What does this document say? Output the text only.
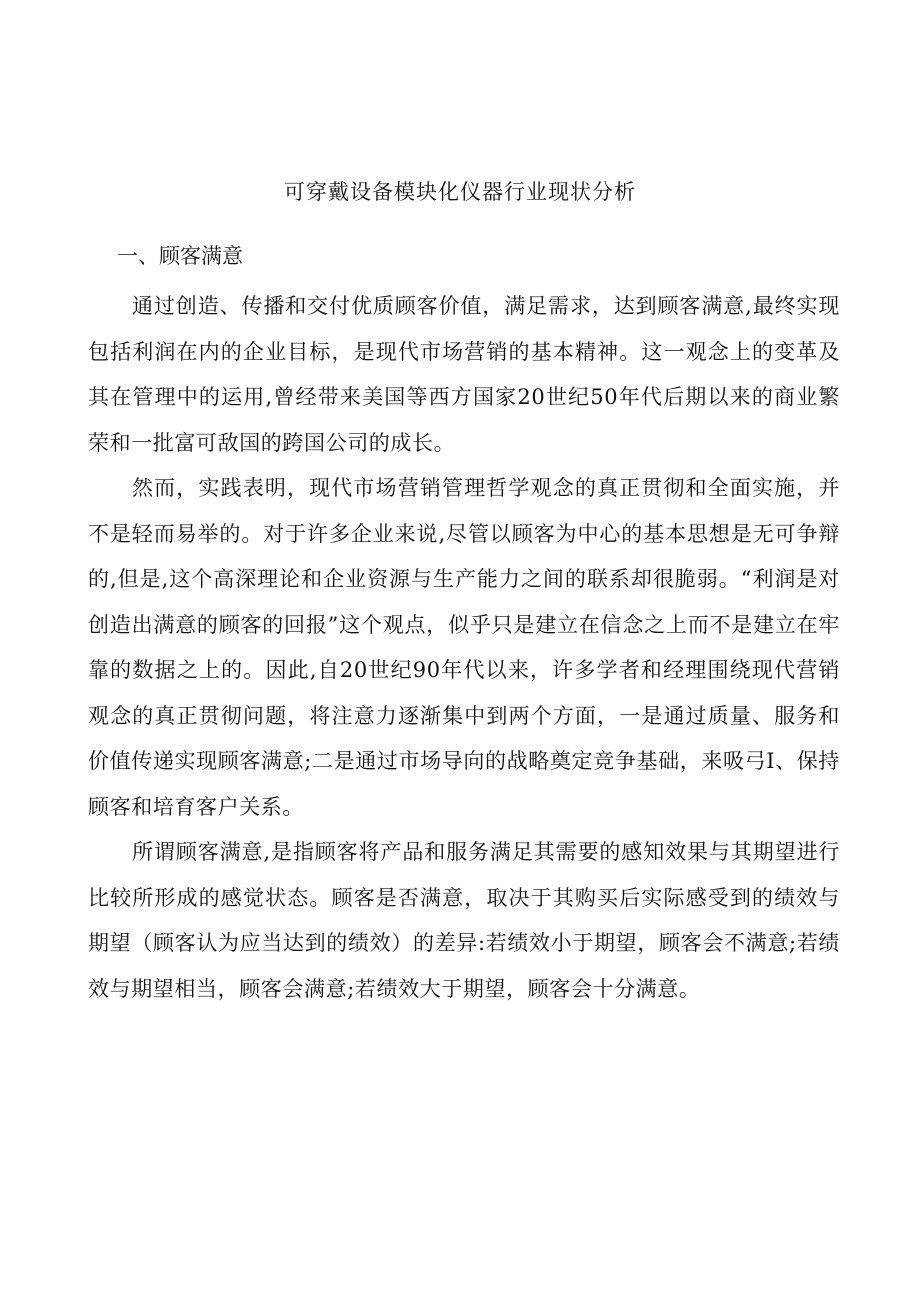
可穿戴设备模块化仪器行业现状分析
一、顾客满意

通过创造、传播和交付优质顾客价值，满足需求，达到顾客满意,最终实现包括利润在内的企业目标，是现代市场营销的基本精神。这一观念上的变革及其在管理中的运用,曾经带来美国等西方国家20世纪50年代后期以来的商业繁荣和一批富可敌国的跨国公司的成长。

然而，实践表明，现代市场营销管理哲学观念的真正贯彻和全面实施，并不是轻而易举的。对于许多企业来说,尽管以顾客为中心的基本思想是无可争辩的,但是,这个高深理论和企业资源与生产能力之间的联系却很脆弱。“利润是对创造出满意的顾客的回报”这个观点，似乎只是建立在信念之上而不是建立在牢靠的数据之上的。因此,自20世纪90年代以来，许多学者和经理围绕现代营销观念的真正贯彻问题，将注意力逐渐集中到两个方面，一是通过质量、服务和价值传递实现顾客满意;二是通过市场导向的战略奠定竞争基础，来吸弓I、保持顾客和培育客户关系。

所谓顾客满意,是指顾客将产品和服务满足其需要的感知效果与其期望进行比较所形成的感觉状态。顾客是否满意，取决于其购买后实际感受到的绩效与期望（顾客认为应当达到的绩效）的差异:若绩效小于期望，顾客会不满意;若绩效与期望相当，顾客会满意;若绩效大于期望，顾客会十分满意。
